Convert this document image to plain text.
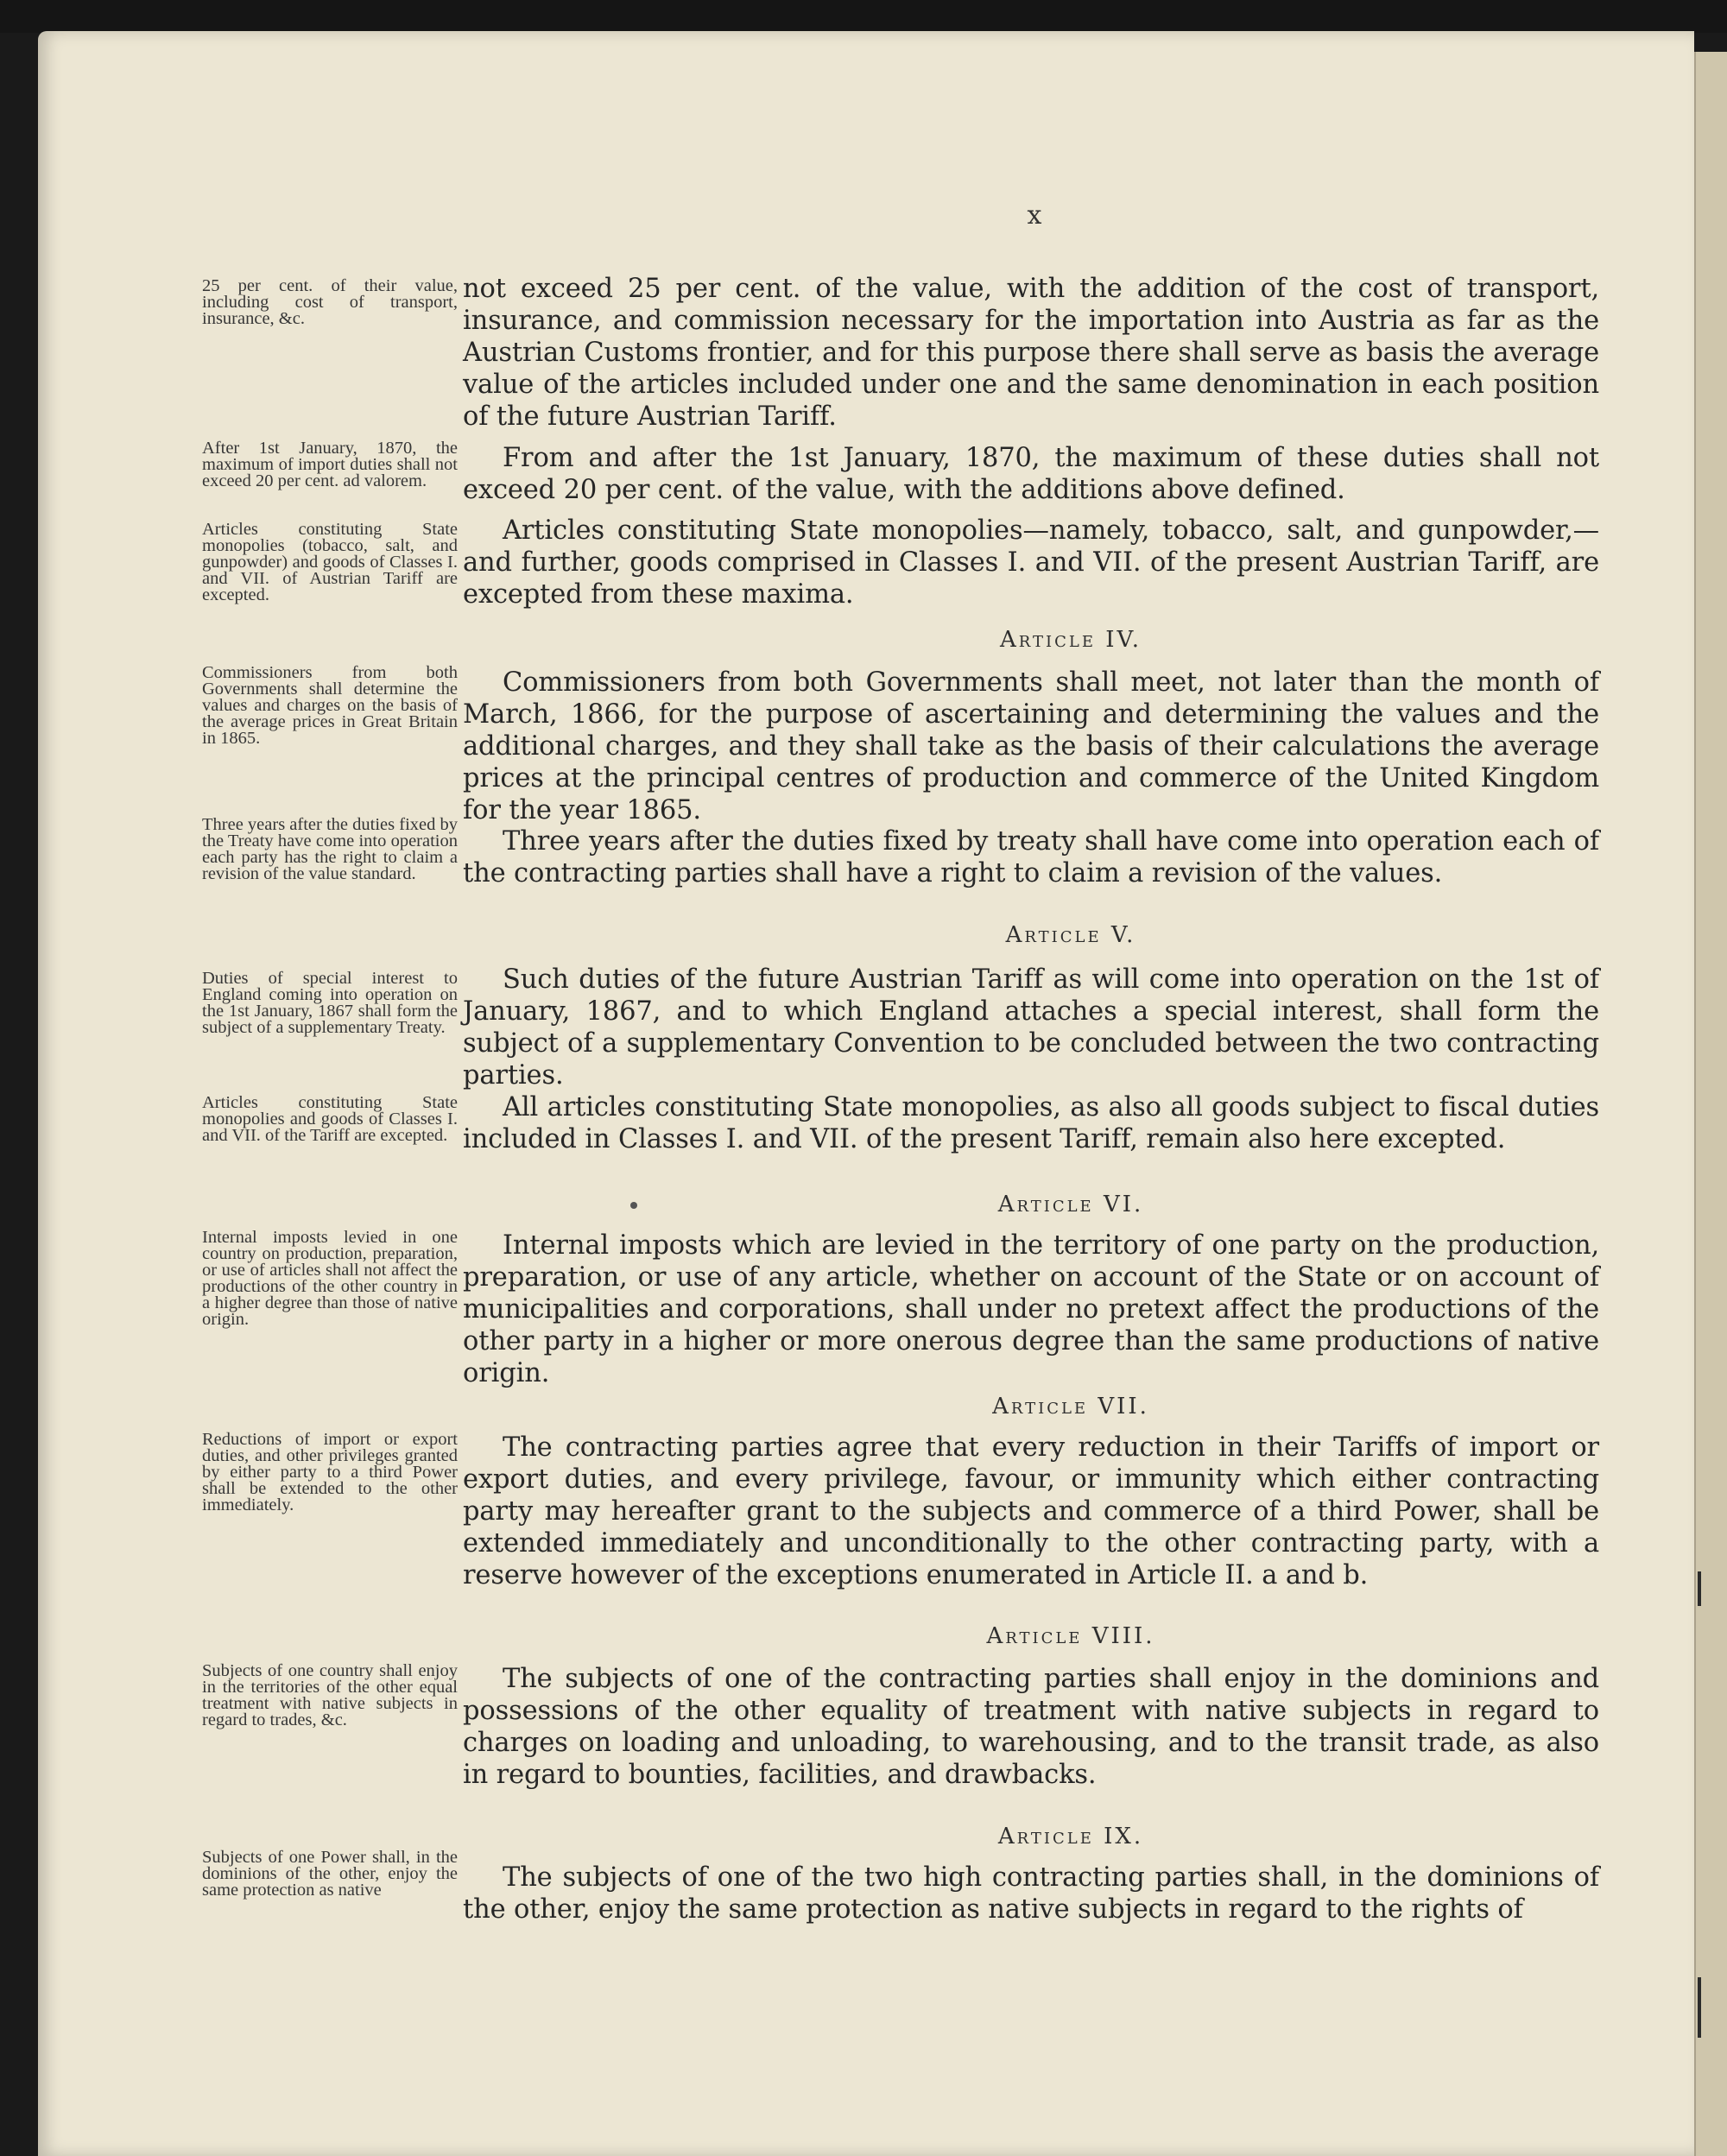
x

25 per cent. of their value, including cost of transport, insurance, &c.

After 1st January, 1870, the maximum of import duties shall not exceed 20 per cent. ad valorem.

Articles constituting State monopolies (tobacco, salt, and gunpowder) and goods of Classes I. and VII. of Austrian Tariff are excepted.

Commissioners from both Governments shall determine the values and charges on the basis of the average prices in Great Britain in 1865.

Three years after the duties fixed by the Treaty have come into operation each party has the right to claim a revision of the value standard.

Duties of special interest to England coming into operation on the 1st January, 1867 shall form the subject of a supplementary Treaty.

Articles constituting State monopolies and goods of Classes I. and VII. of the Tariff are excepted.

Internal imposts levied in one country on production, preparation, or use of articles shall not affect the productions of the other country in a higher degree than those of native origin.

Reductions of import or export duties, and other privileges granted by either party to a third Power shall be extended to the other immediately.

Subjects of one country shall enjoy in the territories of the other equal treatment with native subjects in regard to trades, &c.

Subjects of one Power shall, in the dominions of the other, enjoy the same protection as native

not exceed 25 per cent. of the value, with the addition of the cost of transport, insurance, and commission necessary for the importation into Austria as far as the Austrian Customs frontier, and for this purpose there shall serve as basis the average value of the articles included under one and the same denomination in each position of the future Austrian Tariff.

From and after the 1st January, 1870, the maximum of these duties shall not exceed 20 per cent. of the value, with the additions above defined.

Articles constituting State monopolies—namely, tobacco, salt, and gunpowder,—and further, goods comprised in Classes I. and VII. of the present Austrian Tariff, are excepted from these maxima.

Article IV.

Commissioners from both Governments shall meet, not later than the month of March, 1866, for the purpose of ascertaining and determining the values and the additional charges, and they shall take as the basis of their calculations the average prices at the principal centres of production and commerce of the United Kingdom for the year 1865.

Three years after the duties fixed by treaty shall have come into operation each of the contracting parties shall have a right to claim a revision of the values.

Article V.

Such duties of the future Austrian Tariff as will come into operation on the 1st of January, 1867, and to which England attaches a special interest, shall form the subject of a supplementary Convention to be concluded between the two contracting parties.

All articles constituting State monopolies, as also all goods subject to fiscal duties included in Classes I. and VII. of the present Tariff, remain also here excepted.

Article VI.

Internal imposts which are levied in the territory of one party on the production, preparation, or use of any article, whether on account of the State or on account of municipalities and corporations, shall under no pretext affect the productions of the other party in a higher or more onerous degree than the same productions of native origin.

Article VII.

The contracting parties agree that every reduction in their Tariffs of import or export duties, and every privilege, favour, or immunity which either contracting party may hereafter grant to the subjects and commerce of a third Power, shall be extended immediately and unconditionally to the other contracting party, with a reserve however of the exceptions enumerated in Article II. a and b.

Article VIII.

The subjects of one of the contracting parties shall enjoy in the dominions and possessions of the other equality of treatment with native subjects in regard to charges on loading and unloading, to warehousing, and to the transit trade, as also in regard to bounties, facilities, and drawbacks.

Article IX.

The subjects of one of the two high contracting parties shall, in the dominions of the other, enjoy the same protection as native subjects in regard to the rights of
